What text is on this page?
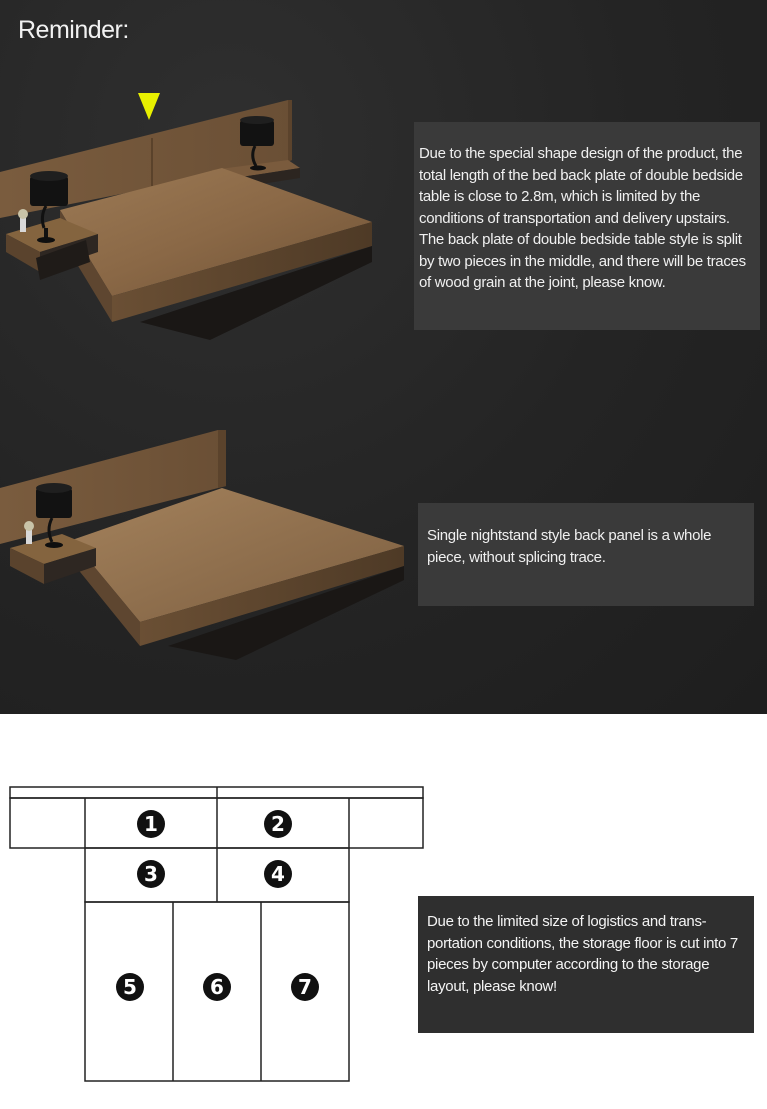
Reminder:
Due to the special shape design of the product, the total length of the bed back plate of double bedside table is close to 2.8m, which is limited by the conditions of transportation and delivery upstairs. The back plate of double bedside table style is split by two pieces in the middle, and there will be traces of wood grain at the joint, please know.
Single nightstand style back panel is a whole piece, without splicing trace.
1	2
3	4
5	6	7
Due to the limited size of logistics and trans-portation conditions, the storage floor is cut into 7 pieces by computer according to the storage layout, please know!
